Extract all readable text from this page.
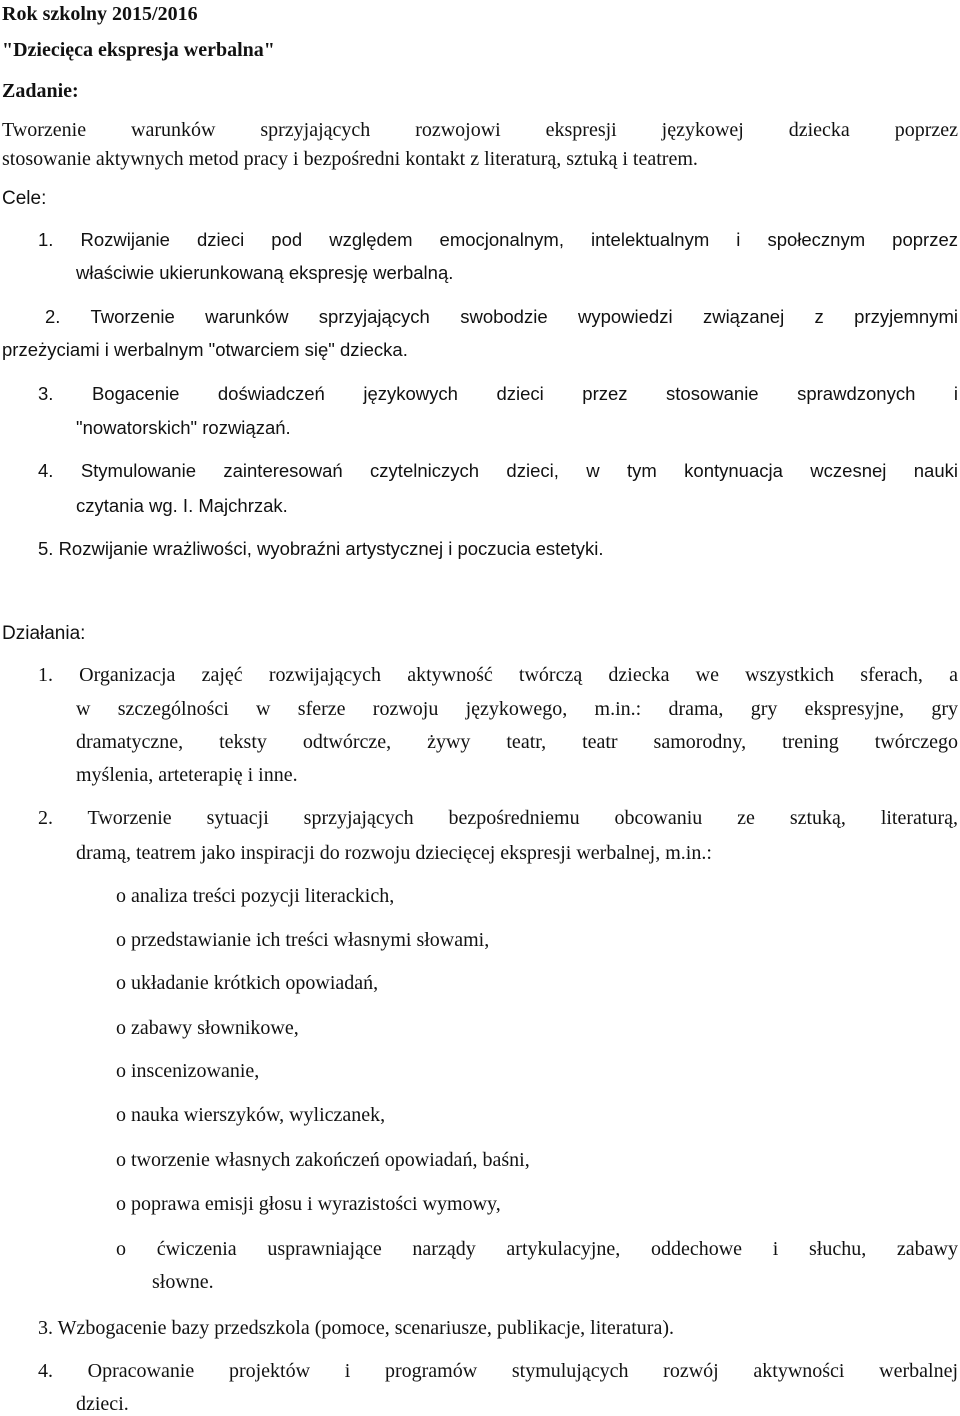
Rok szkolny 2015/2016
"Dziecięca ekspresja werbalna"
Zadanie:
Tworzenie warunków sprzyjających rozwojowi ekspresji językowej dziecka poprzez
stosowanie aktywnych metod pracy i bezpośredni kontakt z literaturą, sztuką i teatrem.
Cele:
1. Rozwijanie dzieci pod względem emocjonalnym, intelektualnym i społecznym poprzez
właściwie ukierunkowaną ekspresję werbalną.
2. Tworzenie warunków sprzyjających swobodzie wypowiedzi związanej z przyjemnymi
przeżyciami i werbalnym "otwarciem się" dziecka.
3. Bogacenie doświadczeń językowych dzieci przez stosowanie sprawdzonych i
"nowatorskich" rozwiązań.
4. Stymulowanie zainteresowań czytelniczych dzieci, w tym kontynuacja wczesnej nauki
czytania wg. I. Majchrzak.
5. Rozwijanie wrażliwości, wyobraźni artystycznej i poczucia estetyki.
Działania:
1. Organizacja zajęć rozwijających aktywność twórczą dziecka we wszystkich sferach, a
w szczególności w sferze rozwoju językowego, m.in.: drama, gry ekspresyjne, gry
dramatyczne, teksty odtwórcze, żywy teatr, teatr samorodny, trening twórczego
myślenia, arteterapię i inne.
2. Tworzenie sytuacji sprzyjających bezpośredniemu obcowaniu ze sztuką, literaturą,
dramą, teatrem jako inspiracji do rozwoju dziecięcej ekspresji werbalnej, m.in.:
o analiza treści pozycji literackich,
o przedstawianie ich treści własnymi słowami,
o układanie krótkich opowiadań,
o zabawy słownikowe,
o inscenizowanie,
o nauka wierszyków, wyliczanek,
o tworzenie własnych zakończeń opowiadań, baśni,
o poprawa emisji głosu i wyrazistości wymowy,
o ćwiczenia usprawniające narządy artykulacyjne, oddechowe i słuchu, zabawy
słowne.
3. Wzbogacenie bazy przedszkola (pomoce, scenariusze, publikacje, literatura).
4. Opracowanie projektów i programów stymulujących rozwój aktywności werbalnej
dzieci.
